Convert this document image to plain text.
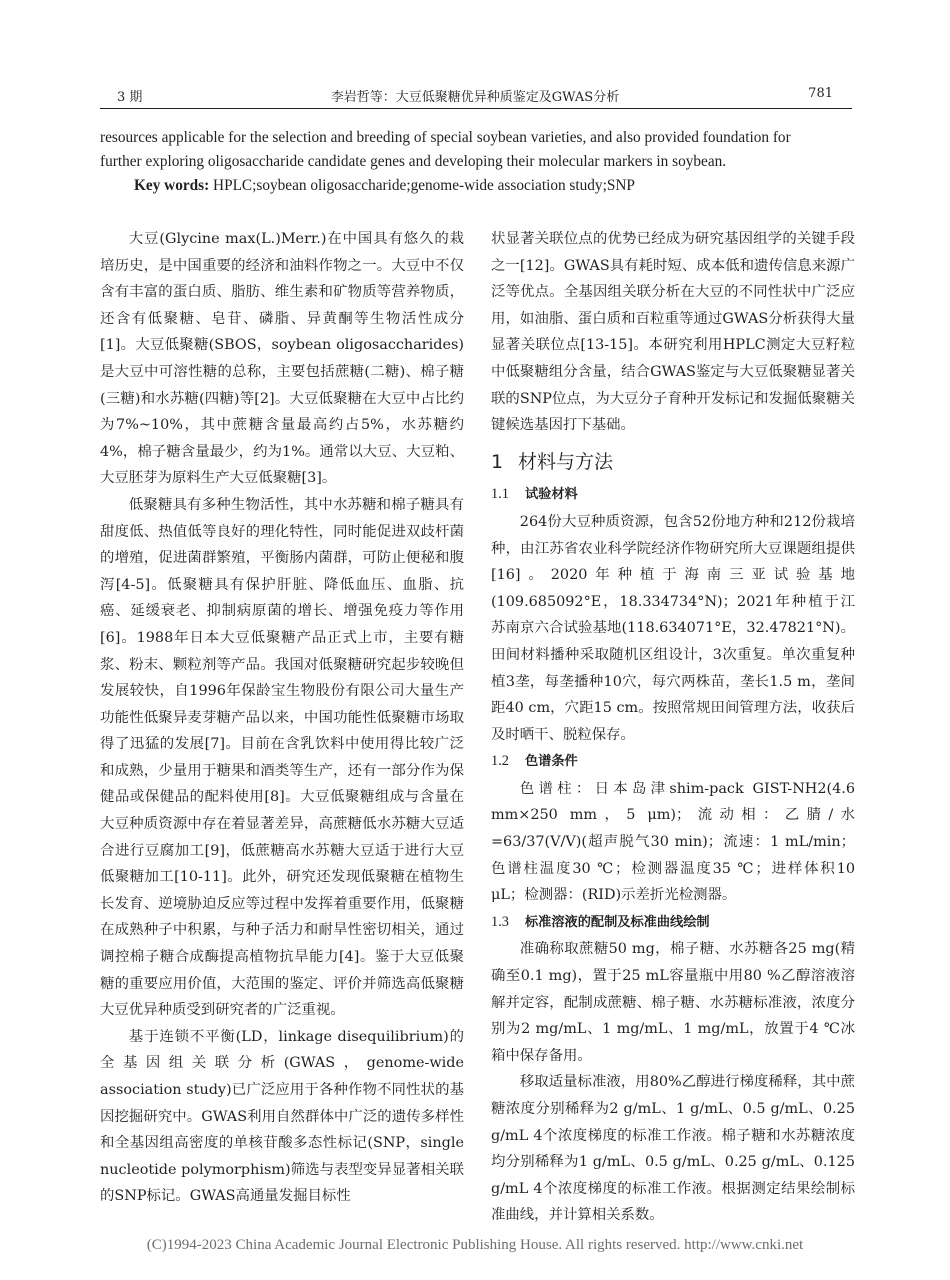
3 期	李岩哲等：大豆低聚糖优异种质鉴定及GWAS分析	781
resources applicable for the selection and breeding of special soybean varieties, and also provided foundation for
further exploring oligosaccharide candidate genes and developing their molecular markers in soybean.
Key words: HPLC;soybean oligosaccharide;genome-wide association study;SNP

大豆(Glycine max(L.)Merr.)在中国具有悠久的栽培历史，是中国重要的经济和油料作物之一。大豆中不仅含有丰富的蛋白质、脂肪、维生素和矿物质等营养物质，还含有低聚糖、皂苷、磷脂、异黄酮等生物活性成分[1]。大豆低聚糖(SBOS，soybean oligosaccharides)是大豆中可溶性糖的总称，主要包括蔗糖(二糖)、棉子糖(三糖)和水苏糖(四糖)等[2]。大豆低聚糖在大豆中占比约为7%~10%，其中蔗糖含量最高约占5%，水苏糖约4%，棉子糖含量最少，约为1%。通常以大豆、大豆粕、大豆胚芽为原料生产大豆低聚糖[3]。

低聚糖具有多种生物活性，其中水苏糖和棉子糖具有甜度低、热值低等良好的理化特性，同时能促进双歧杆菌的增殖，促进菌群繁殖，平衡肠内菌群，可防止便秘和腹泻[4-5]。低聚糖具有保护肝脏、降低血压、血脂、抗癌、延缓衰老、抑制病原菌的增长、增强免疫力等作用[6]。1988年日本大豆低聚糖产品正式上市，主要有糖浆、粉末、颗粒剂等产品。我国对低聚糖研究起步较晚但发展较快，自1996年保龄宝生物股份有限公司大量生产功能性低聚异麦芽糖产品以来，中国功能性低聚糖市场取得了迅猛的发展[7]。目前在含乳饮料中使用得比较广泛和成熟，少量用于糖果和酒类等生产，还有一部分作为保健品或保健品的配料使用[8]。大豆低聚糖组成与含量在大豆种质资源中存在着显著差异，高蔗糖低水苏糖大豆适合进行豆腐加工[9]，低蔗糖高水苏糖大豆适于进行大豆低聚糖加工[10-11]。此外，研究还发现低聚糖在植物生长发育、逆境胁迫反应等过程中发挥着重要作用，低聚糖在成熟种子中积累，与种子活力和耐旱性密切相关，通过调控棉子糖合成酶提高植物抗旱能力[4]。鉴于大豆低聚糖的重要应用价值，大范围的鉴定、评价并筛选高低聚糖大豆优异种质受到研究者的广泛重视。

基于连锁不平衡(LD，linkage disequilibrium)的全基因组关联分析(GWAS，genome-wide association study)已广泛应用于各种作物不同性状的基因挖掘研究中。GWAS利用自然群体中广泛的遗传多样性和全基因组高密度的单核苷酸多态性标记(SNP，single nucleotide polymorphism)筛选与表型变异显著相关联的SNP标记。GWAS高通量发掘目标性

状显著关联位点的优势已经成为研究基因组学的关键手段之一[12]。GWAS具有耗时短、成本低和遗传信息来源广泛等优点。全基因组关联分析在大豆的不同性状中广泛应用，如油脂、蛋白质和百粒重等通过GWAS分析获得大量显著关联位点[13-15]。本研究利用HPLC测定大豆籽粒中低聚糖组分含量，结合GWAS鉴定与大豆低聚糖显著关联的SNP位点，为大豆分子育种开发标记和发掘低聚糖关键候选基因打下基础。

1 材料与方法
1.1 试验材料

264份大豆种质资源，包含52份地方种和212份栽培种，由江苏省农业科学院经济作物研究所大豆课题组提供[16]。2020年种植于海南三亚试验基地(109.685092°E，18.334734°N)；2021年种植于江苏南京六合试验基地(118.634071°E，32.47821°N)。田间材料播种采取随机区组设计，3次重复。单次重复种植3垄，每垄播种10穴，每穴两株苗，垄长1.5 m，垄间距40 cm，穴距15 cm。按照常规田间管理方法，收获后及时晒干、脱粒保存。

1.2 色谱条件

色谱柱：日本岛津shim-pack GIST-NH2(4.6 mm×250 mm，5 μm)；流动相：乙腈/水=63/37(V/V)(超声脱气30 min)；流速：1 mL/min；色谱柱温度30 ℃；检测器温度35 ℃；进样体积10 μL；检测器：(RID)示差折光检测器。

1.3 标准溶液的配制及标准曲线绘制

准确称取蔗糖50 mg，棉子糖、水苏糖各25 mg(精确至0.1 mg)，置于25 mL容量瓶中用80 %乙醇溶液溶解并定容，配制成蔗糖、棉子糖、水苏糖标准液，浓度分别为2 mg/mL、1 mg/mL、1 mg/mL，放置于4 ℃冰箱中保存备用。

移取适量标准液，用80%乙醇进行梯度稀释，其中蔗糖浓度分别稀释为2 g/mL、1 g/mL、0.5 g/mL、0.25 g/mL 4个浓度梯度的标准工作液。棉子糖和水苏糖浓度均分别稀释为1 g/mL、0.5 g/mL、0.25 g/mL、0.125 g/mL 4个浓度梯度的标准工作液。根据测定结果绘制标准曲线，并计算相关系数。

(C)1994-2023 China Academic Journal Electronic Publishing House. All rights reserved. http://www.cnki.net
